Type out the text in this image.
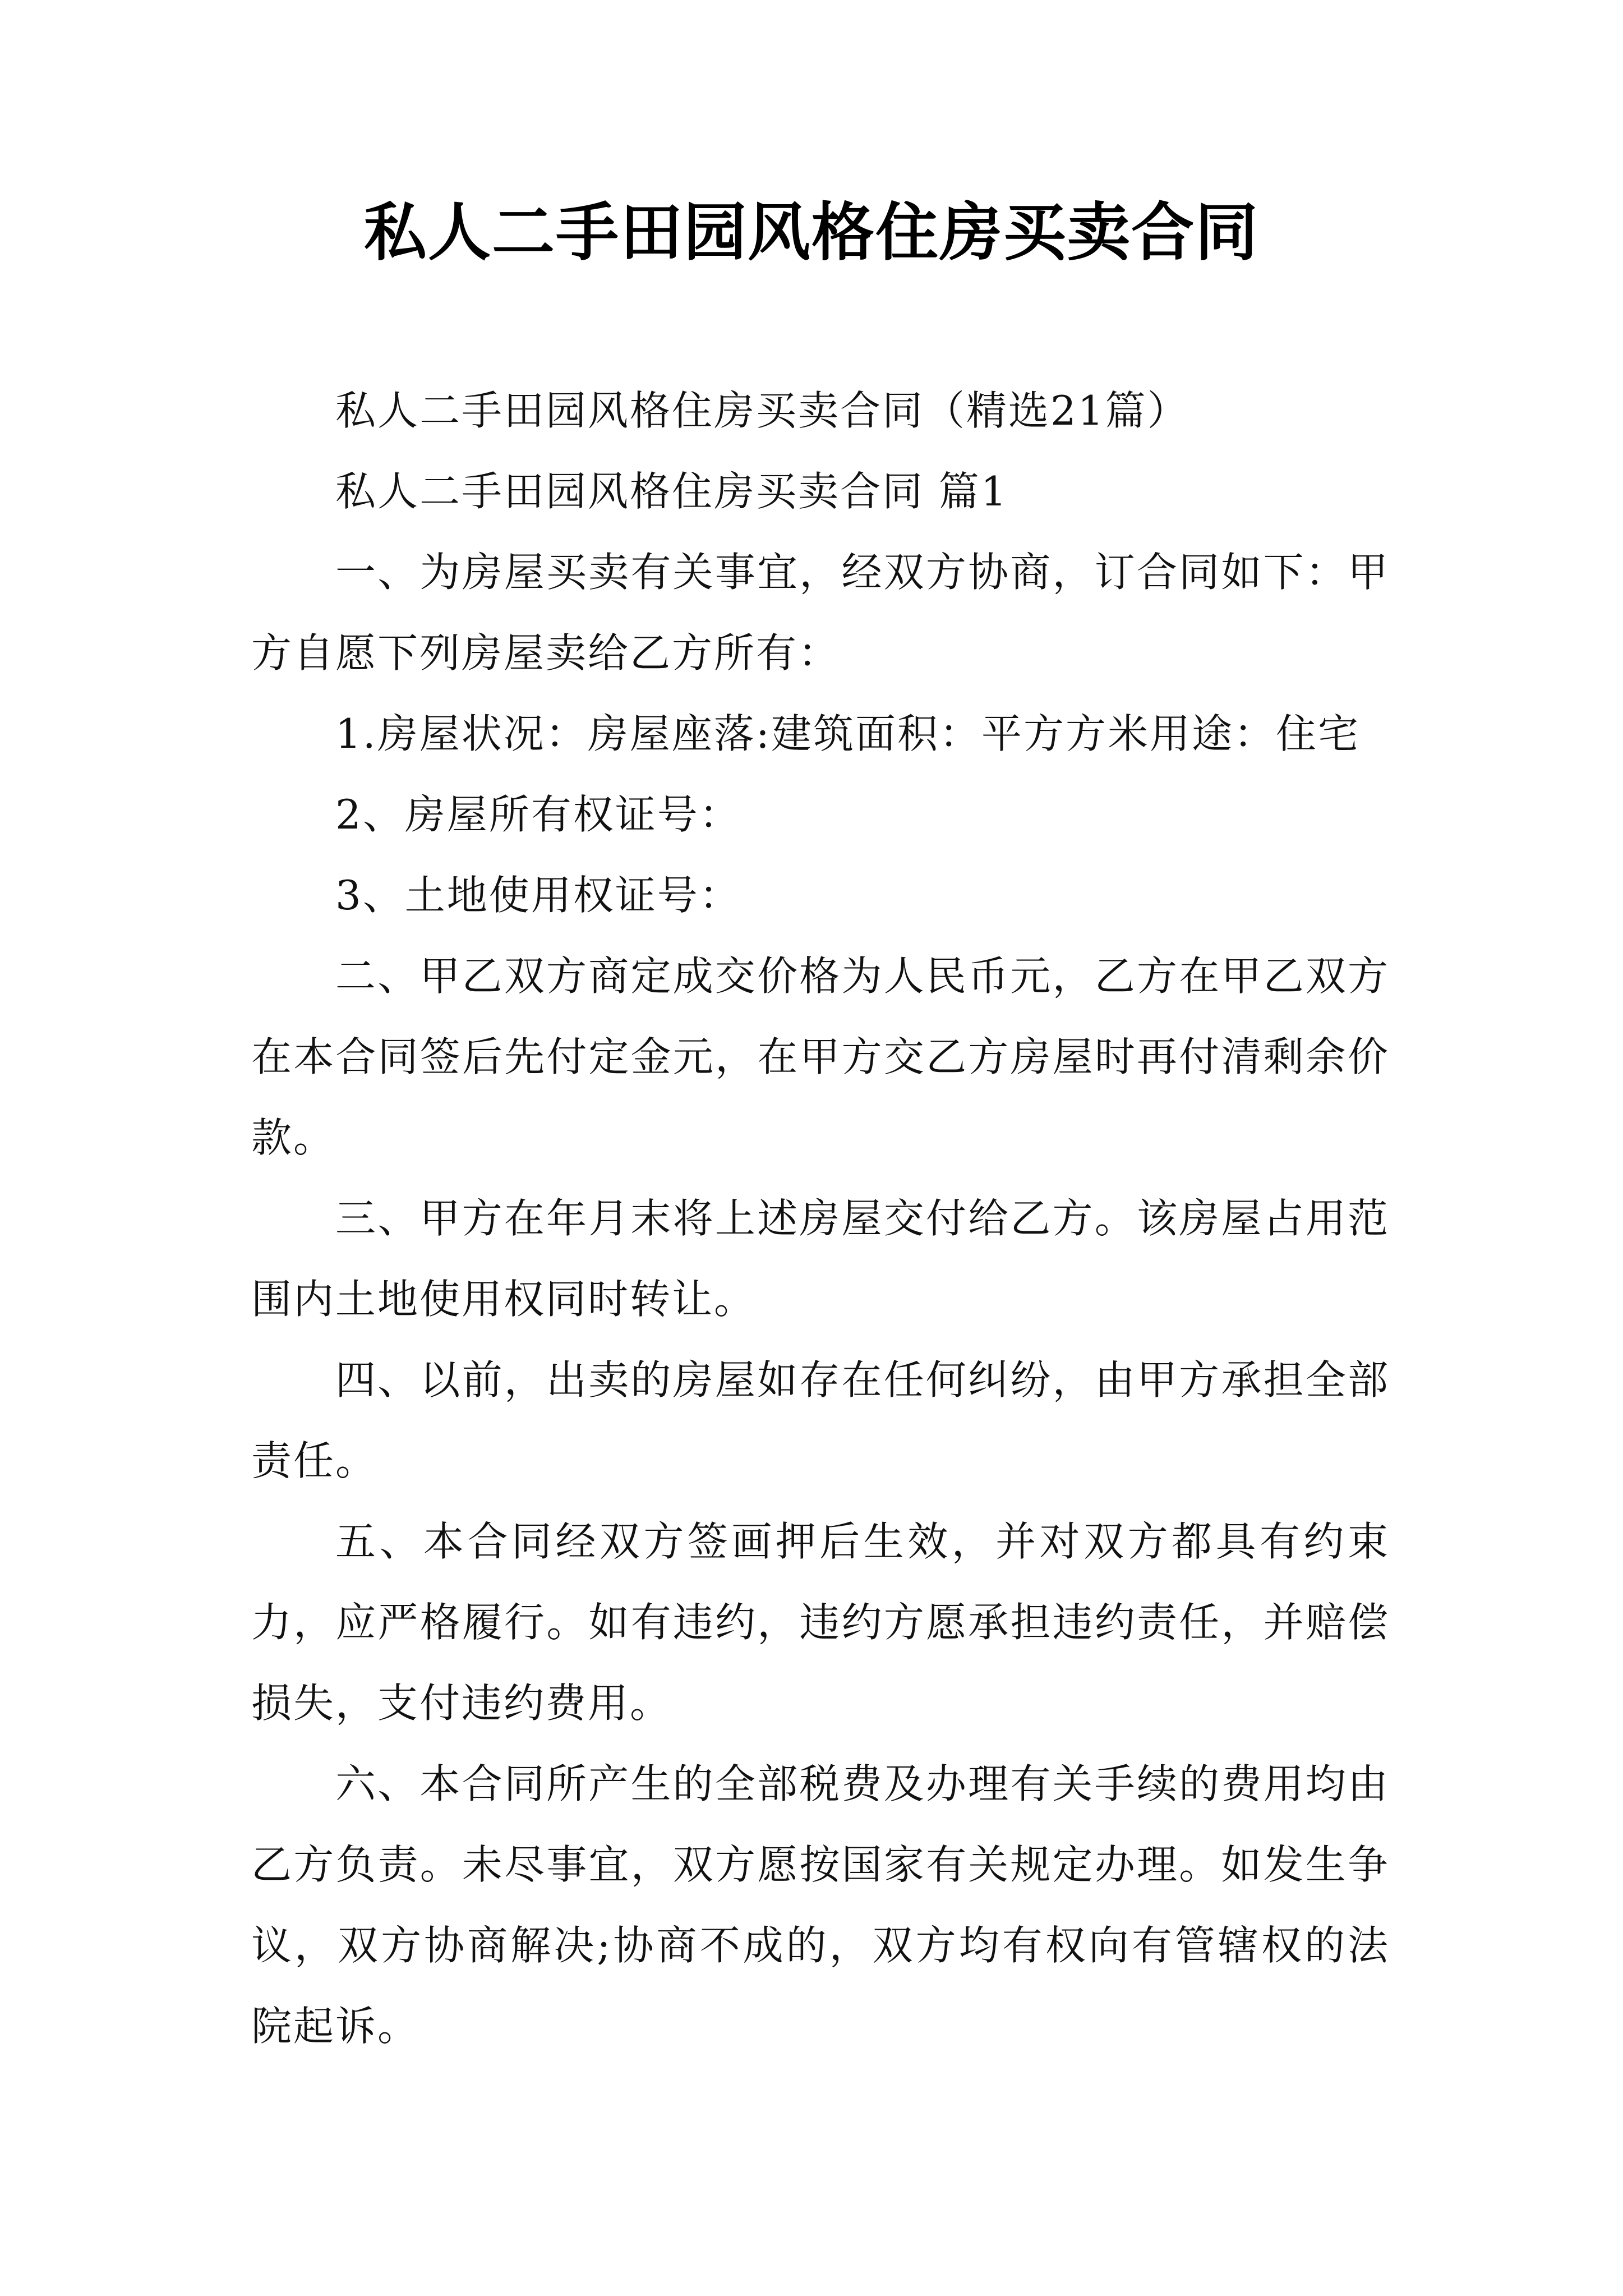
私人二手田园风格住房买卖合同

私人二手田园风格住房买卖合同（精选21篇）

私人二手田园风格住房买卖合同 篇1

一、为房屋买卖有关事宜，经双方协商，订合同如下：甲方自愿下列房屋卖给乙方所有：

1.房屋状况：房屋座落:建筑面积：平方方米用途：住宅

2、房屋所有权证号：

3、土地使用权证号：

二、甲乙双方商定成交价格为人民币元，乙方在甲乙双方在本合同签后先付定金元，在甲方交乙方房屋时再付清剩余价款。

三、甲方在年月末将上述房屋交付给乙方。该房屋占用范围内土地使用权同时转让。

四、以前，出卖的房屋如存在任何纠纷，由甲方承担全部责任。

五、本合同经双方签画押后生效，并对双方都具有约束力，应严格履行。如有违约，违约方愿承担违约责任，并赔偿损失，支付违约费用。

六、本合同所产生的全部税费及办理有关手续的费用均由乙方负责。未尽事宜，双方愿按国家有关规定办理。如发生争议，双方协商解决;协商不成的，双方均有权向有管辖权的法院起诉。
